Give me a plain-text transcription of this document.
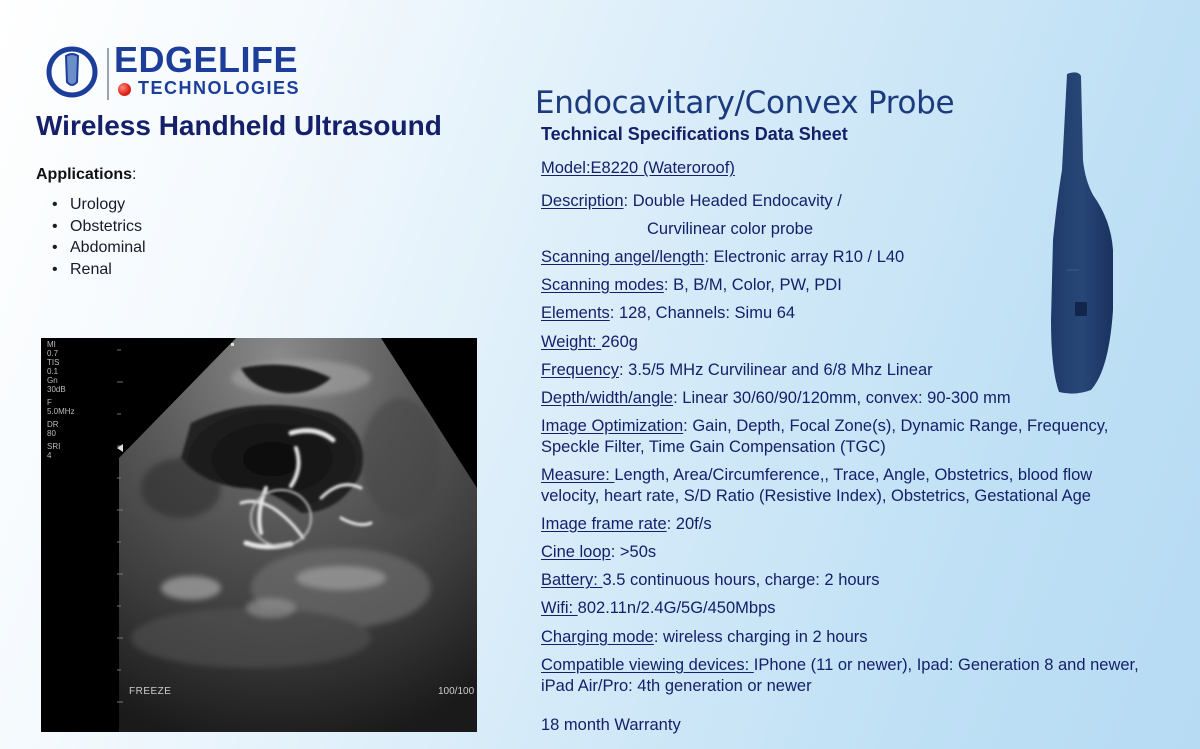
EDGELIFE
TECHNOLOGIES
Wireless Handheld Ultrasound
Applications:
• Urology
• Obstetrics
• Abdominal
• Renal
MI
0.7
TIS
0.1
Gn
30dB
F
5.0MHz
DR
80
SRI
4
FREEZE	100/100
Endocavitary/Convex Probe
Technical Specifications Data Sheet
Model:E8220 (Wateroroof)
Description: Double Headed Endocavity /
Curvilinear color probe
Scanning angel/length: Electronic array R10 / L40
Scanning modes: B, B/M, Color, PW, PDI
Elements: 128, Channels: Simu 64
Weight: 260g
Frequency: 3.5/5 MHz Curvilinear and 6/8 Mhz Linear
Depth/width/angle: Linear 30/60/90/120mm, convex: 90-300 mm
Image Optimization: Gain, Depth, Focal Zone(s), Dynamic Range, Frequency, Speckle Filter, Time Gain Compensation (TGC)
Measure: Length, Area/Circumference,, Trace, Angle, Obstetrics, blood flow velocity, heart rate, S/D Ratio (Resistive Index), Obstetrics, Gestational Age
Image frame rate: 20f/s
Cine loop: >50s
Battery: 3.5 continuous hours, charge: 2 hours
Wifi: 802.11n/2.4G/5G/450Mbps
Charging mode: wireless charging in 2 hours
Compatible viewing devices: IPhone (11 or newer), Ipad: Generation 8 and newer, iPad Air/Pro: 4th generation or newer
18 month Warranty
